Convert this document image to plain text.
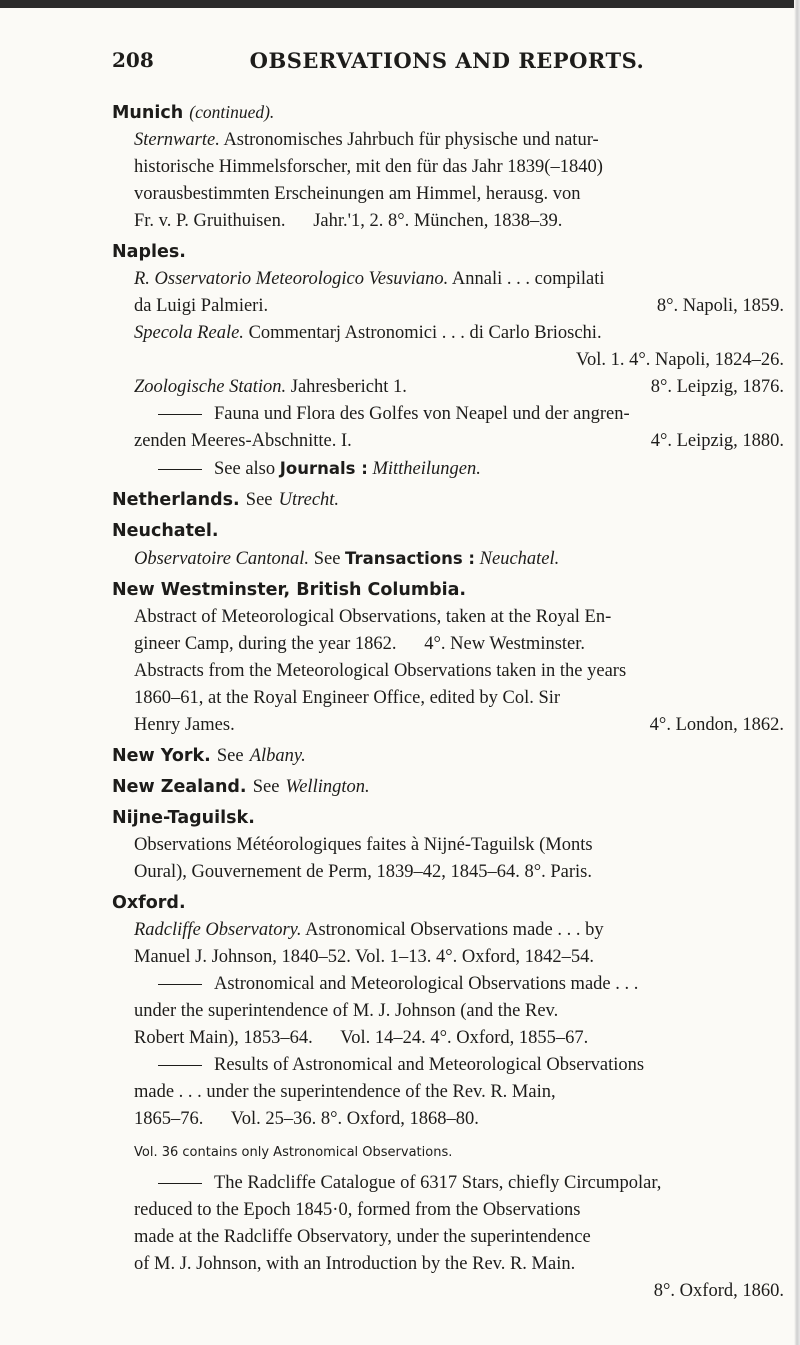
208	OBSERVATIONS AND REPORTS.
Munich (continued).
Sternwarte. Astronomisches Jahrbuch für physische und natur-
historische Himmelsforscher, mit den für das Jahr 1839(–1840)
vorausbestimmten Erscheinungen am Himmel, herausg. von
Fr. v. P. Gruithuisen.      Jahr.'1, 2. 8°. München, 1838–39.
Naples.
R. Osservatorio Meteorologico Vesuviano. Annali . . . compilati
da Luigi Palmieri.	8°. Napoli, 1859.
Specola Reale. Commentarj Astronomici . . . di Carlo Brioschi.
Vol. 1. 4°. Napoli, 1824–26.
Zoologische Station. Jahresbericht 1.	8°. Leipzig, 1876.
Fauna und Flora des Golfes von Neapel und der angren-
zenden Meeres-Abschnitte. I.	4°. Leipzig, 1880.
See also Journals : Mittheilungen.
Netherlands. See Utrecht.
Neuchatel.
Observatoire Cantonal. See Transactions : Neuchatel.
New Westminster, British Columbia.
Abstract of Meteorological Observations, taken at the Royal En-
gineer Camp, during the year 1862.      4°. New Westminster.
Abstracts from the Meteorological Observations taken in the years
1860–61, at the Royal Engineer Office, edited by Col. Sir
Henry James.	4°. London, 1862.
New York. See Albany.
New Zealand. See Wellington.
Nijne-Taguilsk.
Observations Météorologiques faites à Nijné-Taguilsk (Monts
Oural), Gouvernement de Perm, 1839–42, 1845–64. 8°. Paris.
Oxford.
Radcliffe Observatory. Astronomical Observations made . . . by
Manuel J. Johnson, 1840–52. Vol. 1–13. 4°. Oxford, 1842–54.
Astronomical and Meteorological Observations made . . .
under the superintendence of M. J. Johnson (and the Rev.
Robert Main), 1853–64.      Vol. 14–24. 4°. Oxford, 1855–67.
Results of Astronomical and Meteorological Observations
made . . . under the superintendence of the Rev. R. Main,
1865–76.      Vol. 25–36. 8°. Oxford, 1868–80.
Vol. 36 contains only Astronomical Observations.
The Radcliffe Catalogue of 6317 Stars, chiefly Circumpolar,
reduced to the Epoch 1845·0, formed from the Observations
made at the Radcliffe Observatory, under the superintendence
of M. J. Johnson, with an Introduction by the Rev. R. Main.
8°. Oxford, 1860.
